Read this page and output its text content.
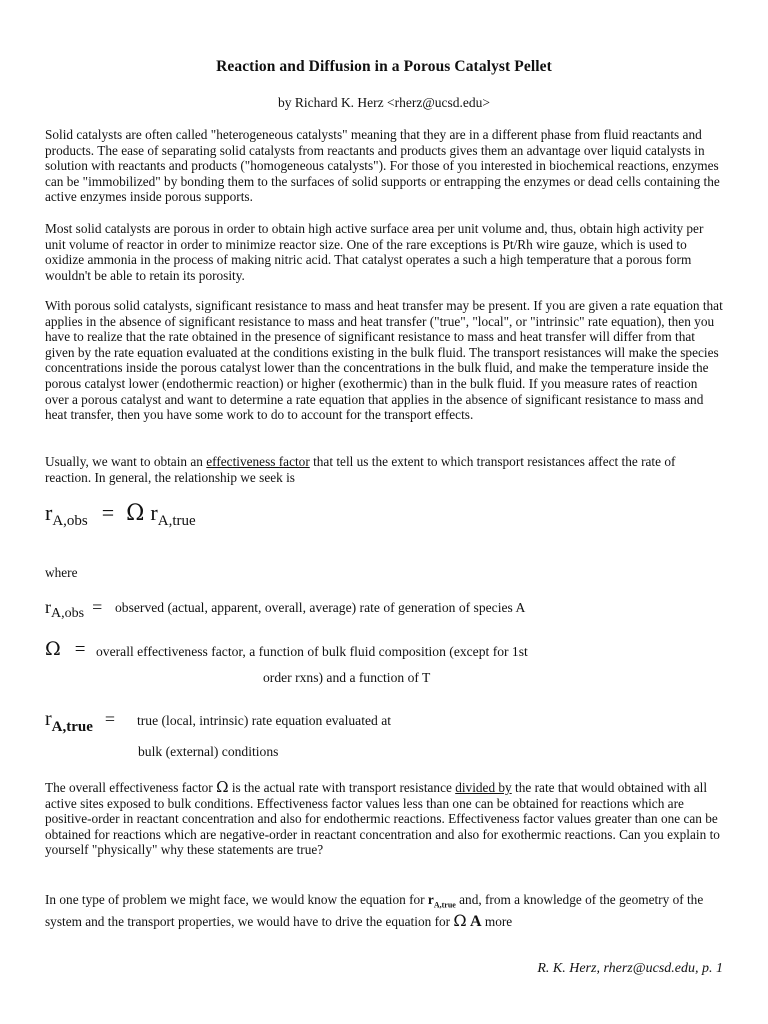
Reaction and Diffusion in a Porous Catalyst Pellet
by Richard K. Herz <rherz@ucsd.edu>

Solid catalysts are often called "heterogeneous catalysts" meaning that they are in a different phase from fluid reactants and products. The ease of separating solid catalysts from reactants and products gives them an advantage over liquid catalysts in solution with reactants and products ("homogeneous catalysts"). For those of you interested in biochemical reactions, enzymes can be "immobilized" by bonding them to the surfaces of solid supports or entrapping the enzymes or dead cells containing the active enzymes inside porous supports.

Most solid catalysts are porous in order to obtain high active surface area per unit volume and, thus, obtain high activity per unit volume of reactor in order to minimize reactor size. One of the rare exceptions is Pt/Rh wire gauze, which is used to oxidize ammonia in the process of making nitric acid. That catalyst operates a such a high temperature that a porous form wouldn't be able to retain its porosity.

With porous solid catalysts, significant resistance to mass and heat transfer may be present. If you are given a rate equation that applies in the absence of significant resistance to mass and heat transfer ("true", "local", or "intrinsic" rate equation), then you have to realize that the rate obtained in the presence of significant resistance to mass and heat transfer will differ from that given by the rate equation evaluated at the conditions existing in the bulk fluid. The transport resistances will make the species concentrations inside the porous catalyst lower than the concentrations in the bulk fluid, and make the temperature inside the porous catalyst lower (endothermic reaction) or higher (exothermic) than in the bulk fluid. If you measure rates of reaction over a porous catalyst and want to determine a rate equation that applies in the absence of significant resistance to mass and heat transfer, then you have some work to do to account for the transport effects.

Usually, we want to obtain an effectiveness factor that tell us the extent to which transport resistances affect the rate of reaction. In general, the relationship we seek is

rA,obs = Ω rA,true
where
rA,obs = observed (actual, apparent, overall, average) rate of generation of species A
Ω = overall effectiveness factor, a function of bulk fluid composition (except for 1st
order rxns) and a function of T
rA,true = true (local, intrinsic) rate equation evaluated at
bulk (external) conditions

The overall effectiveness factor Ω is the actual rate with transport resistance divided by the rate that would obtained with all active sites exposed to bulk conditions. Effectiveness factor values less than one can be obtained for reactions which are positive-order in reactant concentration and also for endothermic reactions. Effectiveness factor values greater than one can be obtained for reactions which are negative-order in reactant concentration and also for exothermic reactions. Can you explain to yourself "physically" why these statements are true?

In one type of problem we might face, we would know the equation for $r_{A,true}$ and, from a knowledge of the geometry of the system and the transport properties, we would have to drive the equation for Ω A more

R. K. Herz, rherz@ucsd.edu, p. 1
